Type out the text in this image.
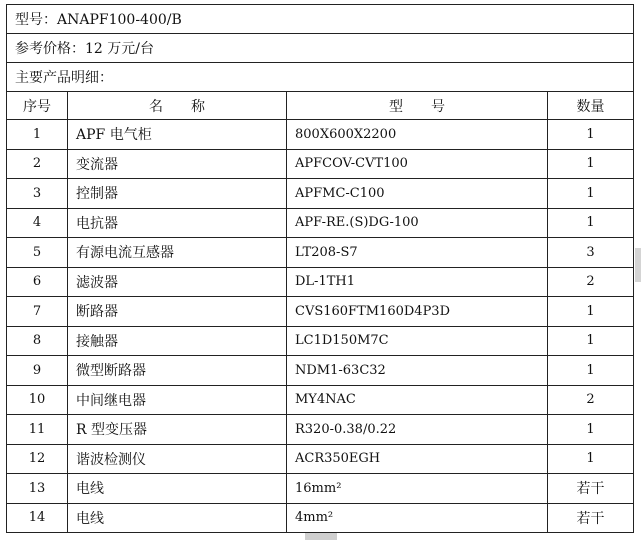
型号：ANAPF100-400/B			
参考价格：12 万元/台			
主要产品明细：			
序号	名　　称	型　　号	数量
1	APF 电气柜	800X600X2200	1
2	变流器	APFCOV-CVT100	1
3	控制器	APFMC-C100	1
4	电抗器	APF-RE.(S)DG-100	1
5	有源电流互感器	LT208-S7	3
6	滤波器	DL-1TH1	2
7	断路器	CVS160FTM160D4P3D	1
8	接触器	LC1D150M7C	1
9	微型断路器	NDM1-63C32	1
10	中间继电器	MY4NAC	2
11	R 型变压器	R320-0.38/0.22	1
12	谐波检测仪	ACR350EGH	1
13	电线	16mm²	若干
14	电线	4mm²	若干
